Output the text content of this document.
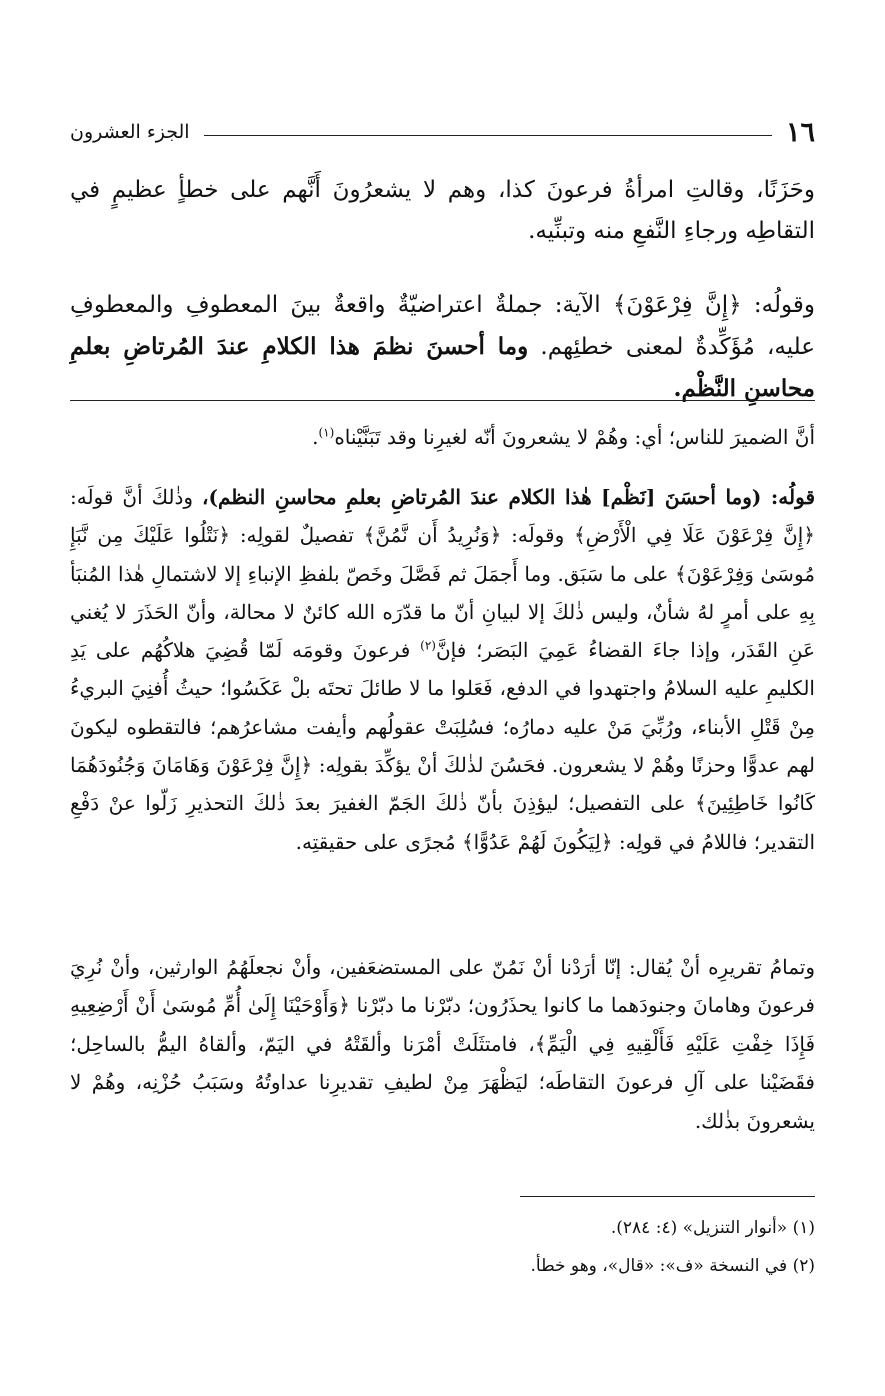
١٦
الجزء العشرون

وحَزَنًا، وقالتِ امرأةُ فرعونَ كذا، وهم لا يشعرُونَ أَنَّهم على خطأٍ عظيمٍ في التقاطِه ورجاءِ النَّفعِ منه وتبنِّيه.

وقولُه: ﴿إِنَّ فِرْعَوْنَ﴾ الآية: جملةٌ اعتراضيّةٌ واقعةٌ بينَ المعطوفِ والمعطوفِ عليه، مُؤَكِّدةٌ لمعنى خطئِهم. وما أحسنَ نظمَ هذا الكلامِ عندَ المُرتاضِ بعلمِ محاسنِ النَّظْم.

أنَّ الضميرَ للناس؛ أي: وهُمْ لا يشعرونَ أنّه لغيرِنا وقد تَبَنَّيْناه$^{(١)}$.

قولُه: (وما أحسَنَ [نَظْم] هٰذا الكلام عندَ المُرتاضِ بعلمِ محاسنِ النظم)، وذٰلكَ أنَّ قولَه: ﴿إِنَّ فِرْعَوْنَ عَلَا فِي الْأَرْضِ﴾ وقولَه: ﴿وَنُرِيدُ أَن نَّمُنَّ﴾ تفصيلٌ لقولِه: ﴿نَتْلُوا عَلَيْكَ مِن نَّبَإِ مُوسَىٰ وَفِرْعَوْنَ﴾ على ما سَبَق. وما أَجمَلَ ثم فَصَّلَ وخَصّ بلفظِ الإنباءِ إلا لاشتمالِ هٰذا المُنبَأ بِهِ على أمرٍ لهُ شأنٌ، وليس ذٰلكَ إلا لبيانِ أنّ ما قدّرَه الله كائنٌ لا محالة، وأنّ الحَذَرَ لا يُغني عَنِ القَدَر، وإذا جاءَ القضاءُ عَمِيَ البَصَر؛ فإنَّ$^{(٢)}$ فرعونَ وقومَه لَمّا قُضِيَ هلاكُهُم على يَدِ الكليمِ عليه السلامُ واجتهدوا في الدفع، فَعَلوا ما لا طائلَ تحتَه بلْ عَكَسُوا؛ حيثُ أُفنِيَ البريءُ مِنْ قَتْلِ الأبناء، ورُبِّيَ مَنْ عليه دمارُه؛ فسُلِبَتْ عقولُهم وأيفت مشاعرُهم؛ فالتقطوه ليكونَ لهم عدوًّا وحزنًا وهُمْ لا يشعرون. فحَسُنَ لذٰلكَ أنْ يؤكِّدَ بقولِه: ﴿إِنَّ فِرْعَوْنَ وَهَامَانَ وَجُنُودَهُمَا كَانُوا خَاطِئِينَ﴾ على التفصيل؛ ليؤذِنَ بأنّ ذٰلكَ الجَمّ الغفيرَ بعدَ ذٰلكَ التحذيرِ زَلّوا عنْ دَفْعِ التقدير؛ فاللامُ في قولِه: ﴿لِيَكُونَ لَهُمْ عَدُوًّا﴾ مُجرًى على حقيقتِه.

وتمامُ تقريرِه أنْ يُقال: إنّا أرَدْنا أنْ نَمُنّ على المستضعَفين، وأنْ نجعلَهُمُ الوارثين، وأنْ نُرِيَ فرعونَ وهامانَ وجنودَهما ما كانوا يحذَرُون؛ دبّرْنا ما دبّرْنا ﴿وَأَوْحَيْنَا إِلَىٰ أُمِّ مُوسَىٰ أَنْ أَرْضِعِيهِ فَإِذَا خِفْتِ عَلَيْهِ فَأَلْقِيهِ فِي الْيَمِّ﴾، فامتثَلَتْ أمْرَنا وألقَتْهُ في اليَمّ، وألقاهُ اليمُّ بالساحِل؛ فقَضَيْنا على آلِ فرعونَ التقاطَه؛ ليَظْهَرَ مِنْ لطيفِ تقديرِنا عداوتُهُ وسَبَبُ حُزْنِه، وهُمْ لا يشعرونَ بذٰلك.

(١) «أنوار التنزيل» (٤: ٢٨٤).
(٢) في النسخة «ف»: «قال»، وهو خطأ.
